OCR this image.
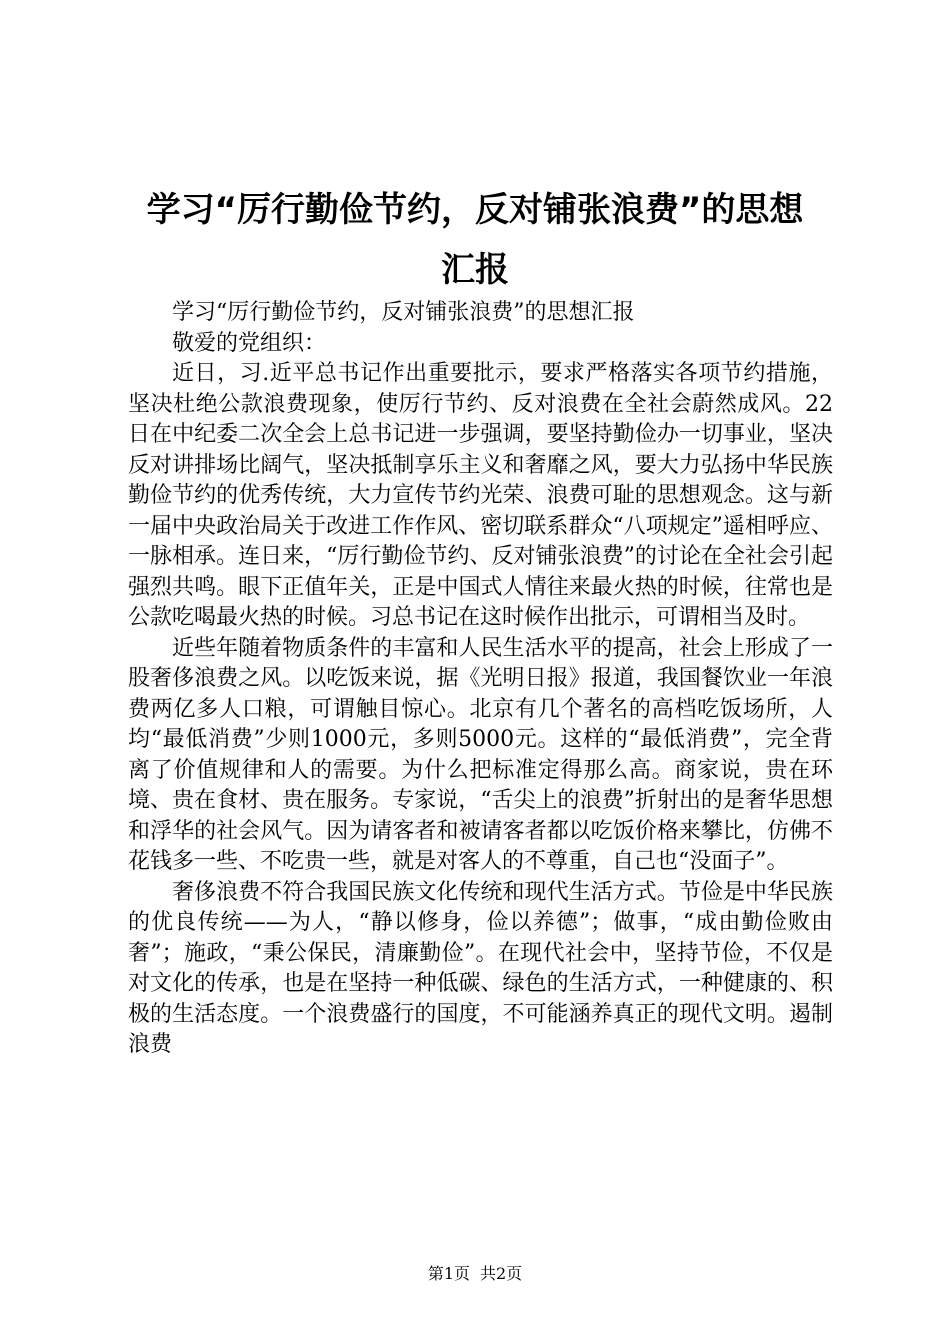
学习“厉行勤俭节约，反对铺张浪费”的思想
汇报

学习“厉行勤俭节约，反对铺张浪费”的思想汇报

敬爱的党组织：

近日，习.近平总书记作出重要批示，要求严格落实各项节约措施，坚决杜绝公款浪费现象，使厉行节约、反对浪费在全社会蔚然成风。22日在中纪委二次全会上总书记进一步强调，要坚持勤俭办一切事业，坚决反对讲排场比阔气，坚决抵制享乐主义和奢靡之风，要大力弘扬中华民族勤俭节约的优秀传统，大力宣传节约光荣、浪费可耻的思想观念。这与新一届中央政治局关于改进工作作风、密切联系群众“八项规定”遥相呼应、一脉相承。连日来，“厉行勤俭节约、反对铺张浪费”的讨论在全社会引起强烈共鸣。眼下正值年关，正是中国式人情往来最火热的时候，往常也是公款吃喝最火热的时候。习总书记在这时候作出批示，可谓相当及时。

近些年随着物质条件的丰富和人民生活水平的提高，社会上形成了一股奢侈浪费之风。以吃饭来说，据《光明日报》报道，我国餐饮业一年浪费两亿多人口粮，可谓触目惊心。北京有几个著名的高档吃饭场所，人均“最低消费”少则1000元，多则5000元。这样的“最低消费”，完全背离了价值规律和人的需要。为什么把标准定得那么高。商家说，贵在环境、贵在食材、贵在服务。专家说，“舌尖上的浪费”折射出的是奢华思想和浮华的社会风气。因为请客者和被请客者都以吃饭价格来攀比，仿佛不花钱多一些、不吃贵一些，就是对客人的不尊重，自己也“没面子”。

奢侈浪费不符合我国民族文化传统和现代生活方式。节俭是中华民族的优良传统——为人，“静以修身，俭以养德”；做事，“成由勤俭败由奢”；施政，“秉公保民，清廉勤俭”。在现代社会中，坚持节俭，不仅是对文化的传承，也是在坚持一种低碳、绿色的生活方式，一种健康的、积极的生活态度。一个浪费盛行的国度，不可能涵养真正的现代文明。遏制浪费

第1页 共2页
